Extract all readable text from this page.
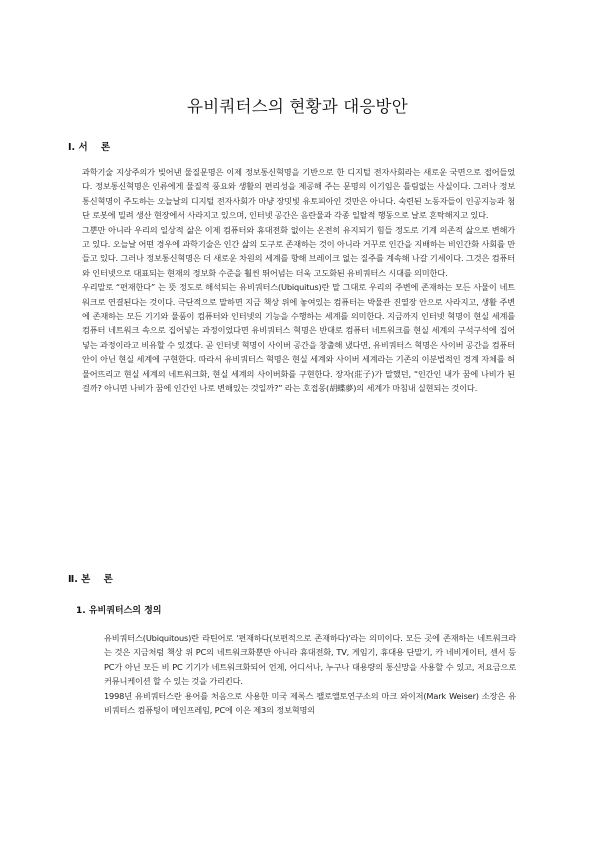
유비쿼터스의 현황과 대응방안
Ⅰ. 서    론
과학기술 지상주의가 빚어낸 물질문명은 이제 정보통신혁명을 기반으로 한 디지털 전자사회라는 새로운 국면으로 접어들었다. 정보통신혁명은 인류에게 물질적 풍요와 생활의 편리성을 제공해 주는 문명의 이기임은 틀림없는 사실이다. 그러나 정보통신혁명이 주도하는 오늘날의 디지털 전자사회가 마냥 장밋빛 유토피아인 것만은 아니다. 숙련된 노동자들이 인공지능과 첨단 로봇에 밀려 생산 현장에서 사라지고 있으며, 인터넷 공간은 음란물과 각종 일탈적 행동으로 날로 혼탁해지고 있다.
그뿐만 아니라 우리의 일상적 삶은 이제 컴퓨터와 휴대전화 없이는 온전히 유지되기 힘들 정도로 기계 의존적 삶으로 변해가고 있다. 오늘날 어떤 경우에 과학기술은 인간 삶의 도구로 존재하는 것이 아니라 거꾸로 인간을 지배하는 비인간화 사회를 만들고 있다. 그러나 정보통신혁명은 더 새로운 차원의 세계를 향해 브레이크 없는 질주를 계속해 나갈 기세이다. 그것은 컴퓨터와 인터넷으로 대표되는 현재의 정보화 수준을 훨씬 뛰어넘는 더욱 고도화된 유비쿼터스 시대를 의미한다.
우리말로 “편재한다” 는 뜻 정도로 해석되는 유비쿼터스(Ubiquitus)란 말 그대로 우리의 주변에 존재하는 모든 사물이 네트워크로 연결된다는 것이다. 극단적으로 말하면 지금 책상 위에 놓여있는 컴퓨터는 박물관 진열장 안으로 사라지고, 생활 주변에 존재하는 모든 기기와 물품이 컴퓨터와 인터넷의 기능을 수행하는 세계를 의미한다. 지금까지 인터넷 혁명이 현실 세계를 컴퓨터 네트워크 속으로 집어넣는 과정이었다면 유비쿼터스 혁명은 반대로 컴퓨터 네트워크를 현실 세계의 구석구석에 집어넣는 과정이라고 비유할 수 있겠다. 곧 인터넷 혁명이 사이버 공간을 창출해 냈다면, 유비쿼터스 혁명은 사이버 공간을 컴퓨터 안이 아닌 현실 세계에 구현한다. 따라서 유비쿼터스 혁명은 현실 세계와 사이버 세계라는 기존의 이분법적인 경계 자체를 허물어뜨리고 현실 세계의 네트워크화, 현실 세계의 사이버화를 구현한다. 장자(莊子)가 말했던, “인간인 내가 꿈에 나비가 된 걸까? 아니면 나비가 꿈에 인간인 나로 변해있는 것일까?” 라는 호접몽(胡蝶夢)의 세계가 마침내 실현되는 것이다.
Ⅱ. 본    론
1. 유비쿼터스의 정의
유비쿼터스(Ubiquitous)란 라틴어로 '편재하다(보편적으로 존재하다)'라는 의미이다. 모든 곳에 존재하는 네트워크라는 것은 지금처럼 책상 위 PC의 네트워크화뿐만 아니라 휴대전화, TV, 게임기, 휴대용 단말기, 카 네비게이터, 센서 등 PC가 아닌 모든 비 PC 기기가 네트워크화되어 언제, 어디서나, 누구나 대용량의 통신망을 사용할 수 있고, 저요금으로 커뮤니케이션 할 수 있는 것을 가리킨다.
1998년 유비쿼터스란 용어를 처음으로 사용한 미국 제록스 팰로앨토연구소의 마크 와이저(Mark Weiser) 소장은 유비쿼터스 컴퓨팅이 메인프레임, PC에 이은 제3의 정보혁명의
